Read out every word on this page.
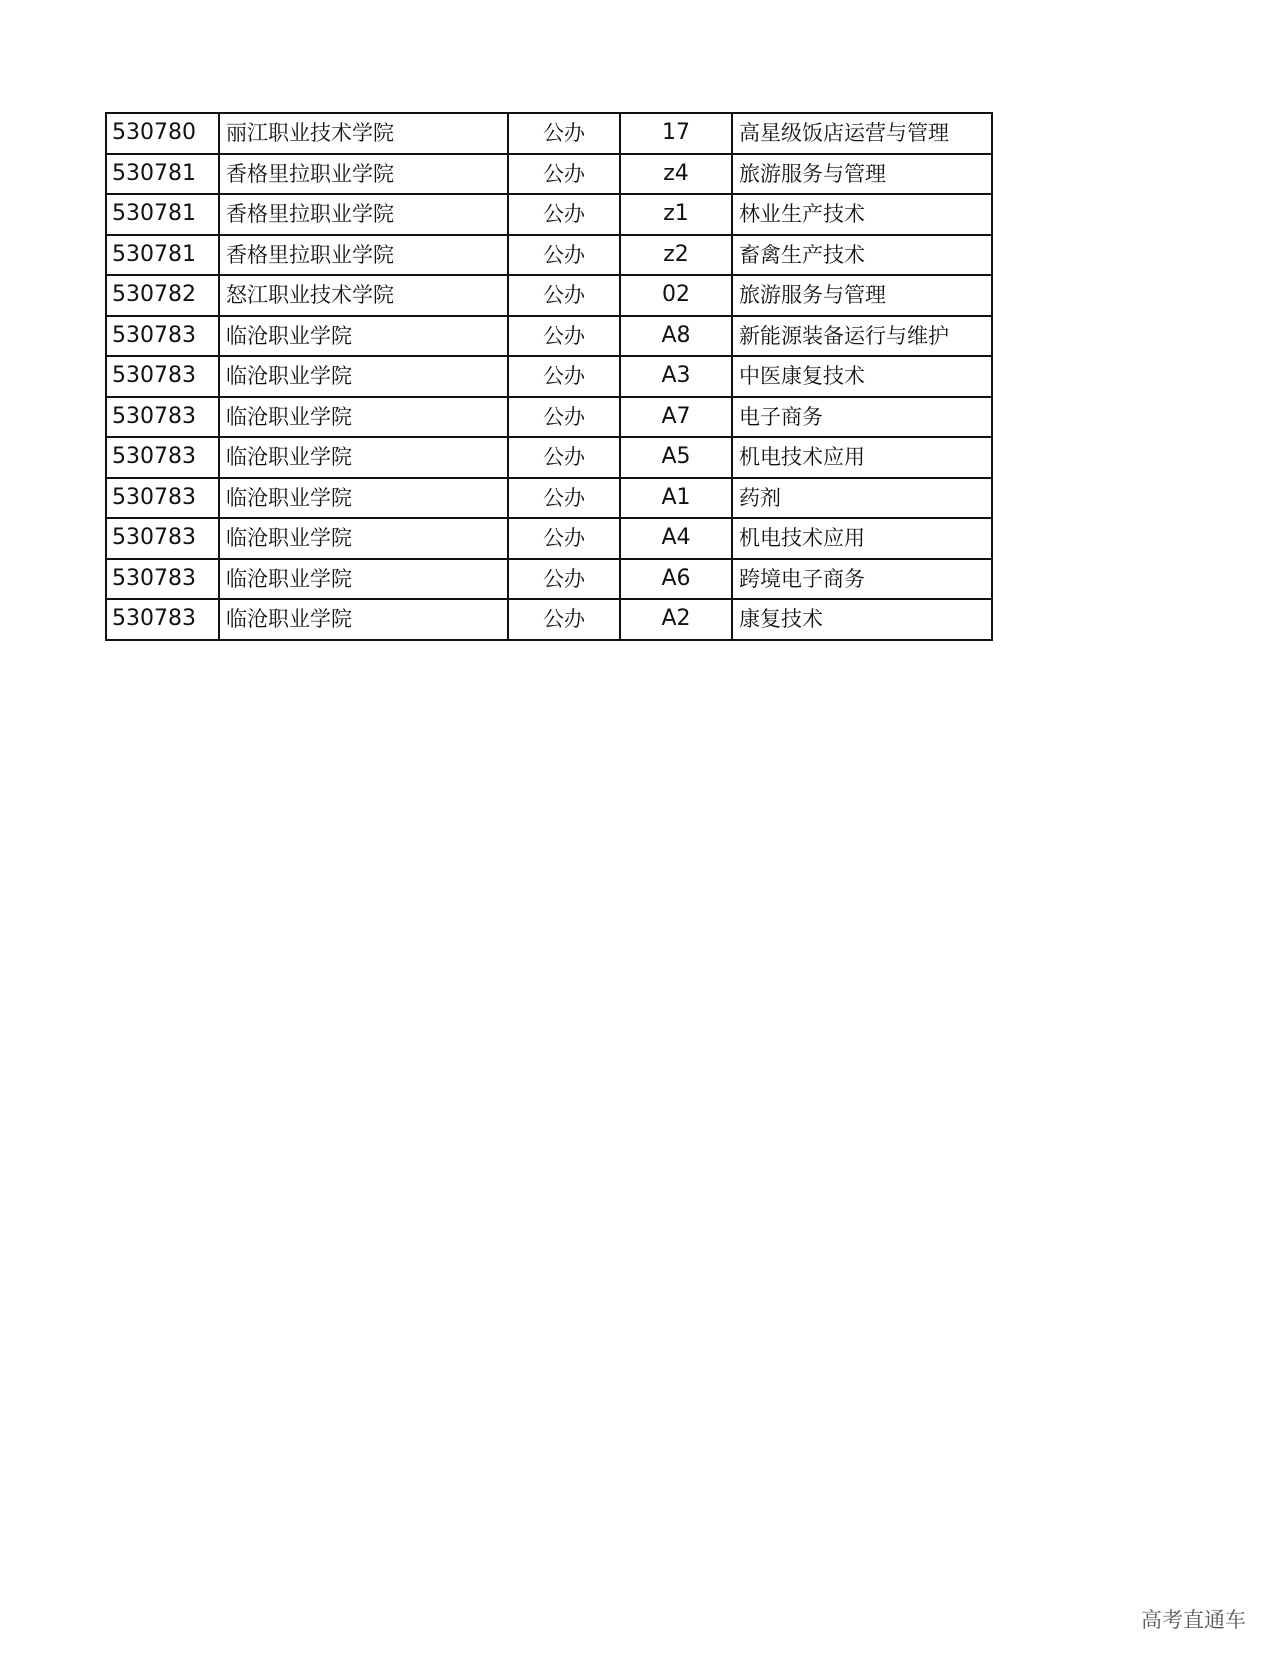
530780	丽江职业技术学院	公办	17	高星级饭店运营与管理
530781	香格里拉职业学院	公办	z4	旅游服务与管理
530781	香格里拉职业学院	公办	z1	林业生产技术
530781	香格里拉职业学院	公办	z2	畜禽生产技术
530782	怒江职业技术学院	公办	02	旅游服务与管理
530783	临沧职业学院	公办	A8	新能源装备运行与维护
530783	临沧职业学院	公办	A3	中医康复技术
530783	临沧职业学院	公办	A7	电子商务
530783	临沧职业学院	公办	A5	机电技术应用
530783	临沧职业学院	公办	A1	药剂
530783	临沧职业学院	公办	A4	机电技术应用
530783	临沧职业学院	公办	A6	跨境电子商务
530783	临沧职业学院	公办	A2	康复技术
高考直通车
